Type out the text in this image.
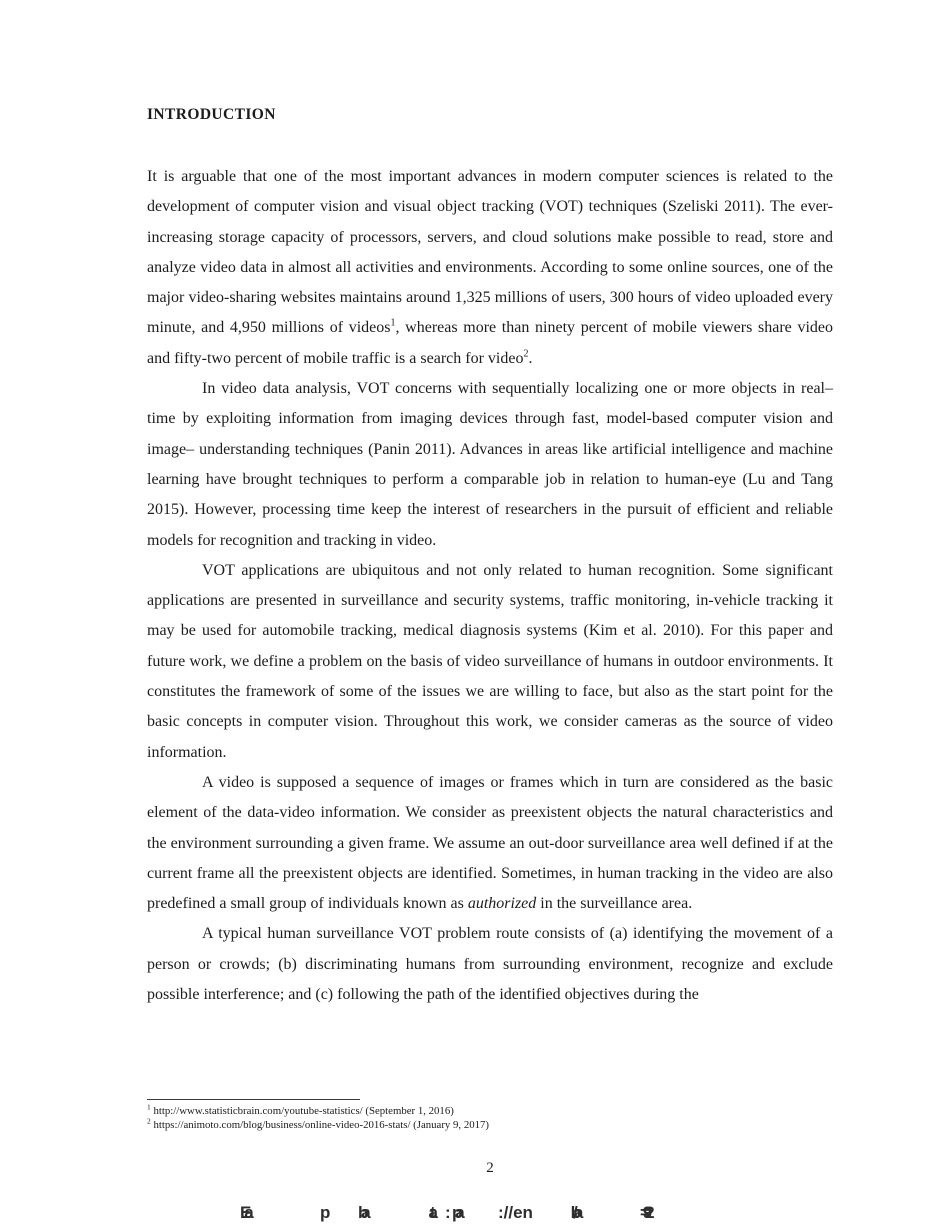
INTRODUCTION

It is arguable that one of the most important advances in modern computer sciences is related to the development of computer vision and visual object tracking (VOT) techniques (Szeliski 2011). The ever-increasing storage capacity of processors, servers, and cloud solutions make possible to read, store and analyze video data in almost all activities and environments. According to some online sources, one of the major video-sharing websites maintains around 1,325 millions of users, 300 hours of video uploaded every minute, and 4,950 millions of videos$^1$, whereas more than ninety percent of mobile viewers share video and fifty-two percent of mobile traffic is a search for video$^2$.

In video data analysis, VOT concerns with sequentially localizing one or more objects in real–time by exploiting information from imaging devices through fast, model-based computer vision and image– understanding techniques (Panin 2011). Advances in areas like artificial intelligence and machine learning have brought techniques to perform a comparable job in relation to human-eye (Lu and Tang 2015). However, processing time keep the interest of researchers in the pursuit of efficient and reliable models for recognition and tracking in video.

VOT applications are ubiquitous and not only related to human recognition. Some significant applications are presented in surveillance and security systems, traffic monitoring, in-vehicle tracking it may be used for automobile tracking, medical diagnosis systems (Kim et al. 2010). For this paper and future work, we define a problem on the basis of video surveillance of humans in outdoor environments. It constitutes the framework of some of the issues we are willing to face, but also as the start point for the basic concepts in computer vision. Throughout this work, we consider cameras as the source of video information.

A video is supposed a sequence of images or frames which in turn are considered as the basic element of the data-video information. We consider as preexistent objects the natural characteristics and the environment surrounding a given frame. We assume an out-door surveillance area well defined if at the current frame all the preexistent objects are identified. Sometimes, in human tracking in the video are also predefined a small group of individuals known as authorized in the surveillance area.

A typical human surveillance VOT problem route consists of (a) identifying the movement of a person or crowds; (b) discriminating humans from surrounding environment, recognize and exclude possible interference; and (c) following the path of the identified objectives during the

$^1$ http://www.statisticbrain.com/youtube-statistics/ (September 1, 2016)
$^2$ https://animoto.com/blog/business/online-video-2016-stats/ (January 9, 2017)
2
Ea	p ba	ta : pa ://en /ba	=92
